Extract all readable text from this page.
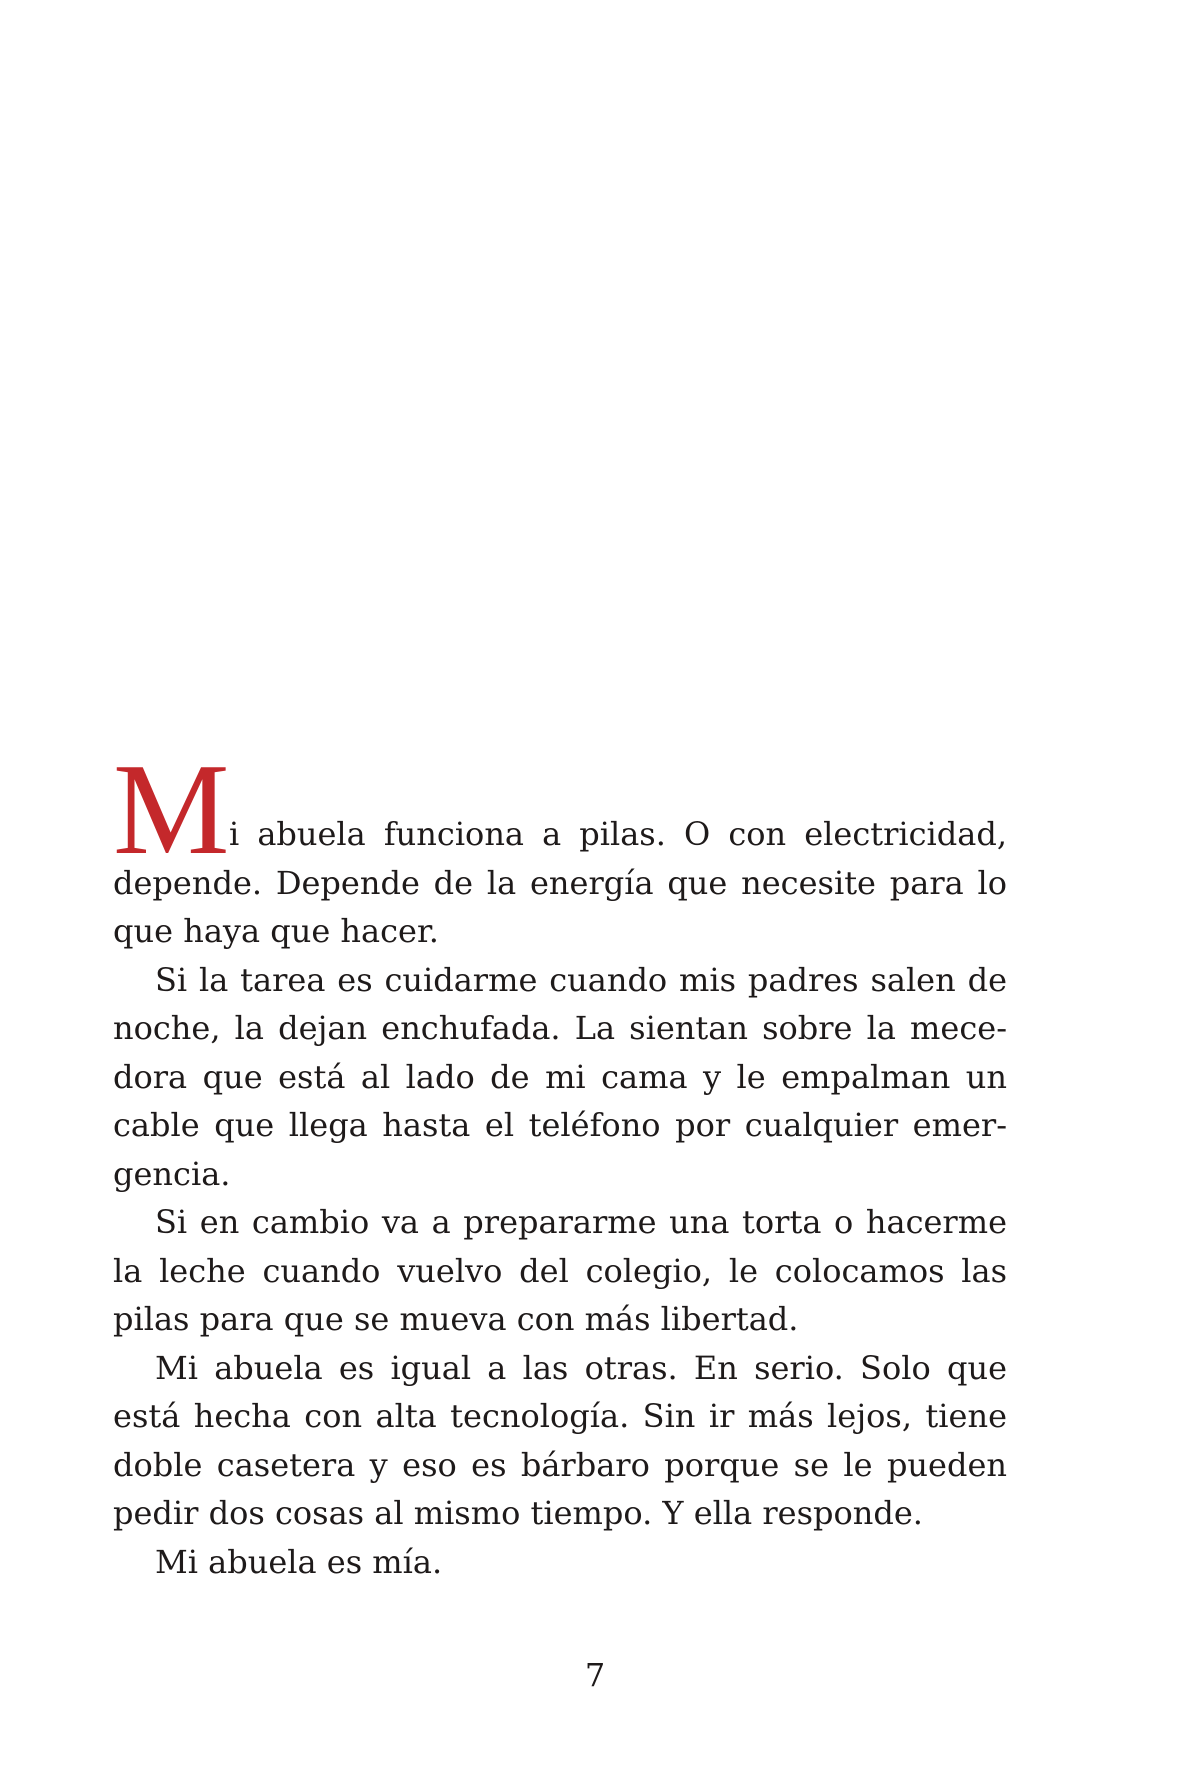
M i abuela funciona a pilas. O con electricidad,
depende. Depende de la energía que necesite para lo
que haya que hacer.
Si la tarea es cuidarme cuando mis padres salen de
noche, la dejan enchufada. La sientan sobre la mece-
dora que está al lado de mi cama y le empalman un
cable que llega hasta el teléfono por cualquier emer-
gencia.
Si en cambio va a prepararme una torta o hacerme
la leche cuando vuelvo del colegio, le colocamos las
pilas para que se mueva con más libertad.
Mi abuela es igual a las otras. En serio. Solo que
está hecha con alta tecnología. Sin ir más lejos, tiene
doble casetera y eso es bárbaro porque se le pueden
pedir dos cosas al mismo tiempo. Y ella responde.
Mi abuela es mía.
7
